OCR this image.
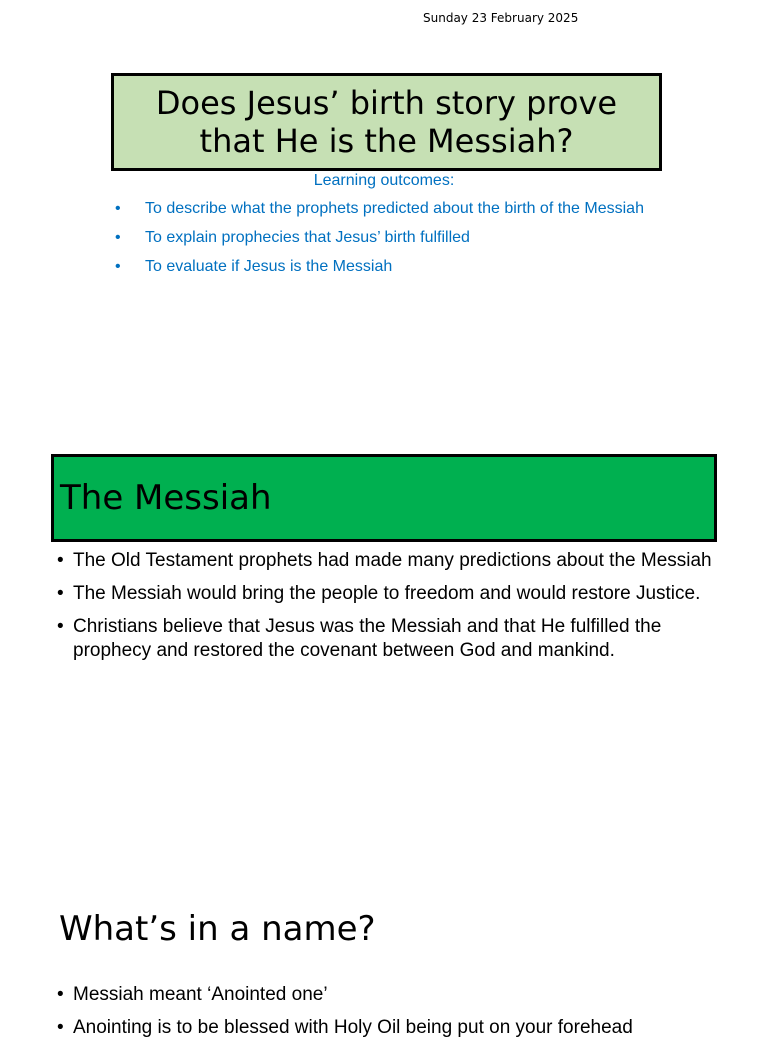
Sunday 23 February 2025
Does Jesus’ birth story prove that He is the Messiah?
Learning outcomes:
• To describe what the prophets predicted about the birth of the Messiah
• To explain prophecies that Jesus’ birth fulfilled
• To evaluate if Jesus is the Messiah
The Messiah
• The Old Testament prophets had made many predictions about the Messiah
• The Messiah would bring the people to freedom and would restore Justice.
• Christians believe that Jesus was the Messiah and that He fulfilled the prophecy and restored the covenant between God and mankind.
What’s in a name?
• Messiah meant ‘Anointed one’
• Anointing is to be blessed with Holy Oil being put on your forehead
